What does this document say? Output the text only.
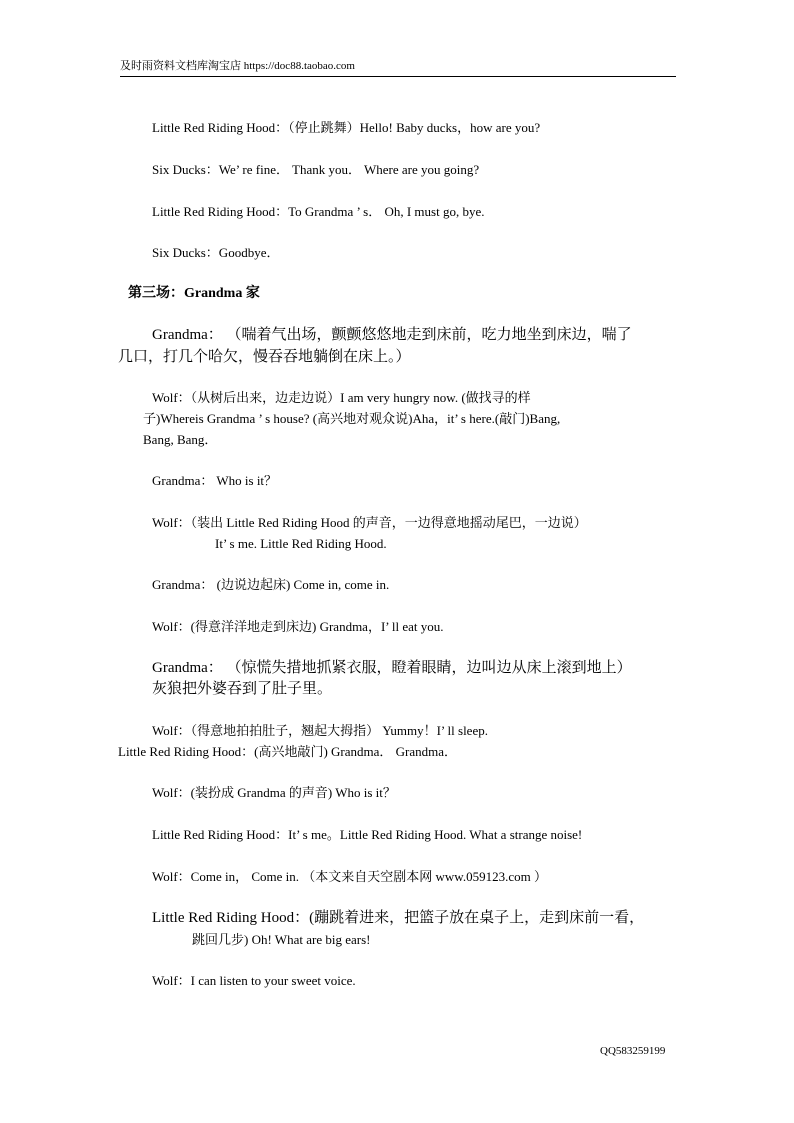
及时雨资料文档库淘宝店 https://doc88.taobao.com
Little Red Riding Hood：（停止跳舞）Hello! Baby ducks，how are you?
Six Ducks：We’ re fine． Thank you． Where are you going?
Little Red Riding Hood：To Grandma ’ s． Oh, I must go, bye.
Six Ducks：Goodbye．
第三场：Grandma 家
Grandma： （喘着气出场，颤颤悠悠地走到床前，吃力地坐到床边，喘了
几口，打几个哈欠，慢吞吞地躺倒在床上。）
Wolf：（从树后出来，边走边说）I am very hungry now. (做找寻的样
子)Whereis Grandma ’ s house? (高兴地对观众说)Aha，it’ s here.(敲门)Bang,
Bang, Bang．
Grandma： Who is it？
Wolf：（装出 Little Red Riding Hood 的声音，一边得意地摇动尾巴，一边说）
It’ s me. Little Red Riding Hood.
Grandma： (边说边起床) Come in, come in.
Wolf：(得意洋洋地走到床边) Grandma，I’ ll eat you.
Grandma： （惊慌失措地抓紧衣服，瞪着眼睛，边叫边从床上滚到地上）
灰狼把外婆吞到了肚子里。
Wolf：（得意地拍拍肚子，翘起大拇指） Yummy！I’ ll sleep.
Little Red Riding Hood：(高兴地敲门) Grandma． Grandma．
Wolf：(装扮成 Grandma 的声音) Who is it？
Little Red Riding Hood：It’ s me。Little Red Riding Hood. What a strange noise!
Wolf：Come in， Come in. （本文来自天空剧本网 www.059123.com ）
Little Red Riding Hood：(蹦跳着进来，把篮子放在桌子上，走到床前一看，
跳回几步) Oh! What are big ears!
Wolf：I can listen to your sweet voice.
QQ583259199
